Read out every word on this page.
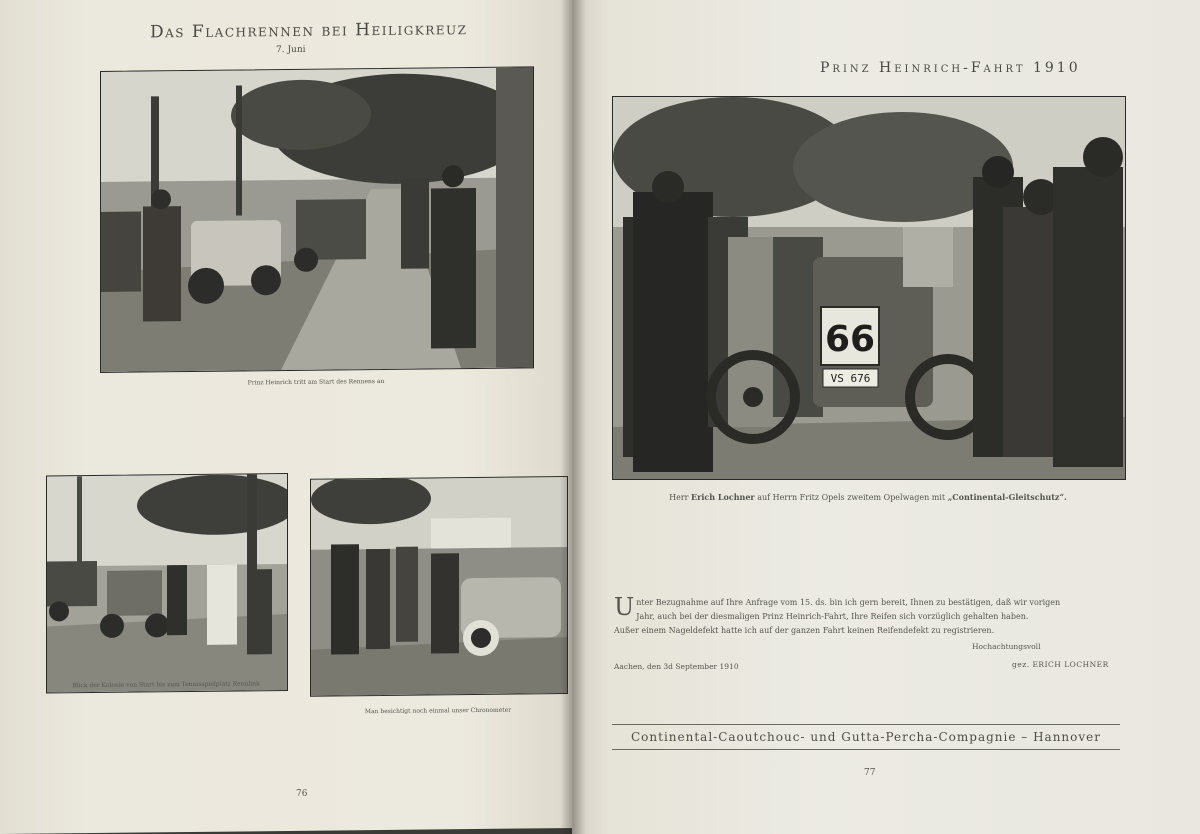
Das Flachrennen bei Heiligkreuz
7. Juni
Prinz Heinrich tritt am Start des Rennens an
Blick der Kolonie von Start bis zum Tennisspielplatz Rennlink
Man besichtigt noch einmal unser Chronometer
76
Prinz Heinrich-Fahrt 1910
66
VS 676
Herr Erich Lochner auf Herrn Fritz Opels zweitem Opelwagen mit „Continental-Gleitschutz“.
U nter Bezugnahme auf Ihre Anfrage vom 15. ds. bin ich gern bereit, Ihnen zu bestätigen, daß wir vorigen
Jahr, auch bei der diesmaligen Prinz Heinrich-Fahrt, Ihre Reifen sich vorzüglich gehalten haben.
Außer einem Nageldefekt hatte ich auf der ganzen Fahrt keinen Reifendefekt zu registrieren.
Hochachtungsvoll
gez. ERICH LOCHNER
Aachen, den 3d September 1910
Continental-Caoutchouc- und Gutta-Percha-Compagnie – Hannover
77
